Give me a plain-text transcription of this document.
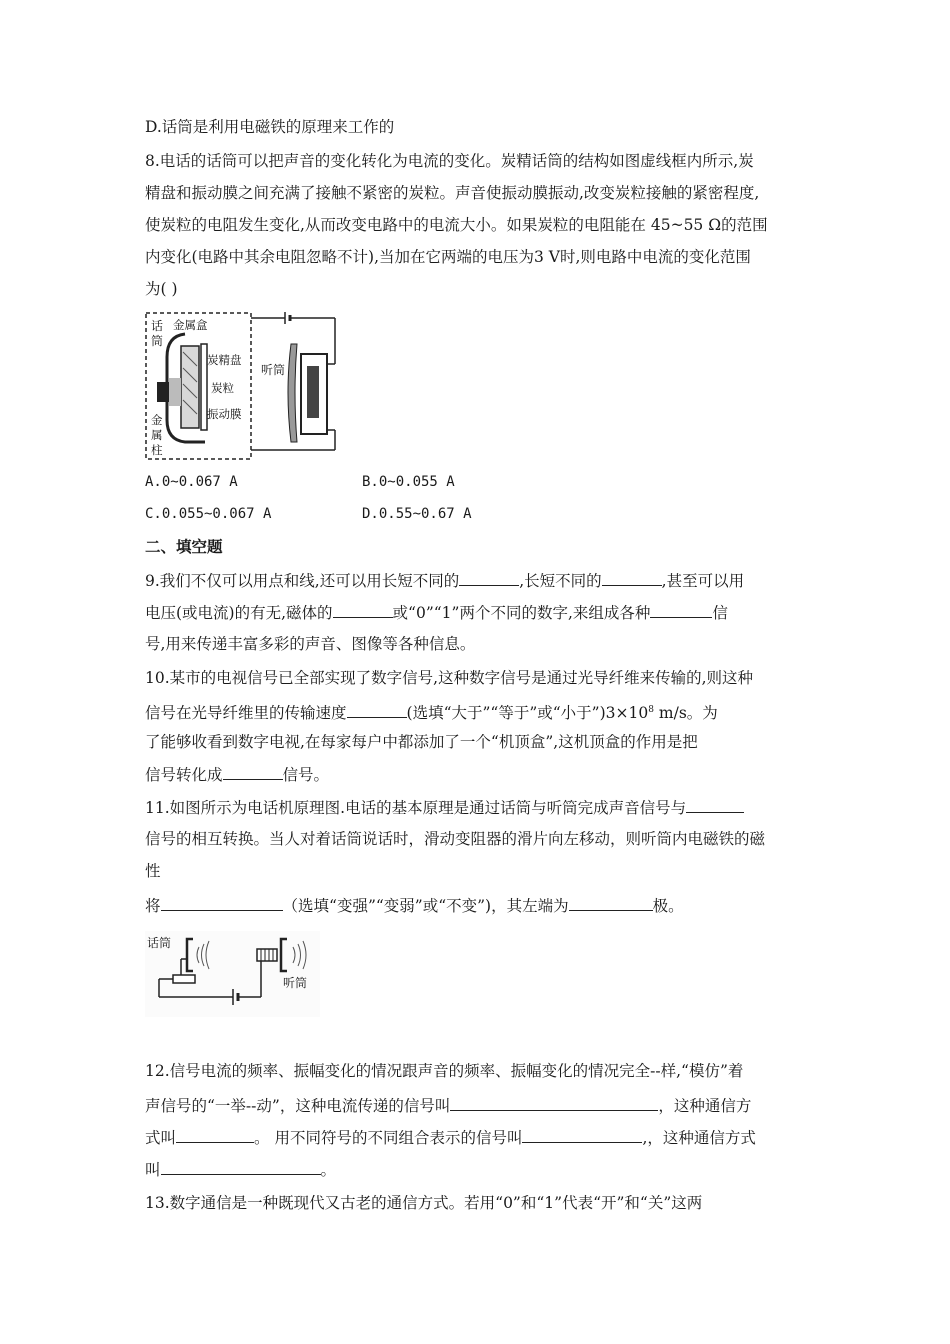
D.话筒是利用电磁铁的原理来工作的
8.电话的话筒可以把声音的变化转化为电流的变化。炭精话筒的结构如图虚线框内所示,炭
精盘和振动膜之间充满了接触不紧密的炭粒。声音使振动膜振动,改变炭粒接触的紧密程度,
使炭粒的电阻发生变化,从而改变电路中的电流大小。如果炭粒的电阻能在 45~55 Ω的范围
内变化(电路中其余电阻忽略不计),当加在它两端的电压为3 V时,则电路中电流的变化范围
为( )
话
筒
金属盒
炭精盘
炭粒
振动膜
金
属
柱
听筒
A.0~0.067 A	B.0~0.055 A
C.0.055~0.067 A	D.0.55~0.67 A
二、填空题
9.我们不仅可以用点和线,还可以用长短不同的	,长短不同的	,甚至可以用
电压(或电流)的有无,磁体的	或“0”“1”两个不同的数字,来组成各种	信
号,用来传递丰富多彩的声音、图像等各种信息。
10.某市的电视信号已全部实现了数字信号,这种数字信号是通过光导纤维来传输的,则这种
信号在光导纤维里的传输速度	(选填“大于”“等于”或“小于$”)3\times 10^8$ m/s。为
了能够收看到数字电视,在每家每户中都添加了一个“机顶盒”,这机顶盒的作用是把
信号转化成	信号。
11.如图所示为电话机原理图.电话的基本原理是通过话筒与听筒完成声音信号与
信号的相互转换。当人对着话筒说话时，滑动变阻器的滑片向左移动，则听筒内电磁铁的磁
性
将	（选填“变强”“变弱”或“不变”)，其左端为	极。
话筒
听筒
12.信号电流的频率、振幅变化的情况跟声音的频率、振幅变化的情况完全--样,“模仿”着
声信号的“一举--动”，这种电流传递的信号叫	，这种通信方
式叫	。 用不同符号的不同组合表示的信号叫	,，这种通信方式
叫	。
13.数字通信是一种既现代又古老的通信方式。若用“0”和“1”代表“开”和“关”这两
